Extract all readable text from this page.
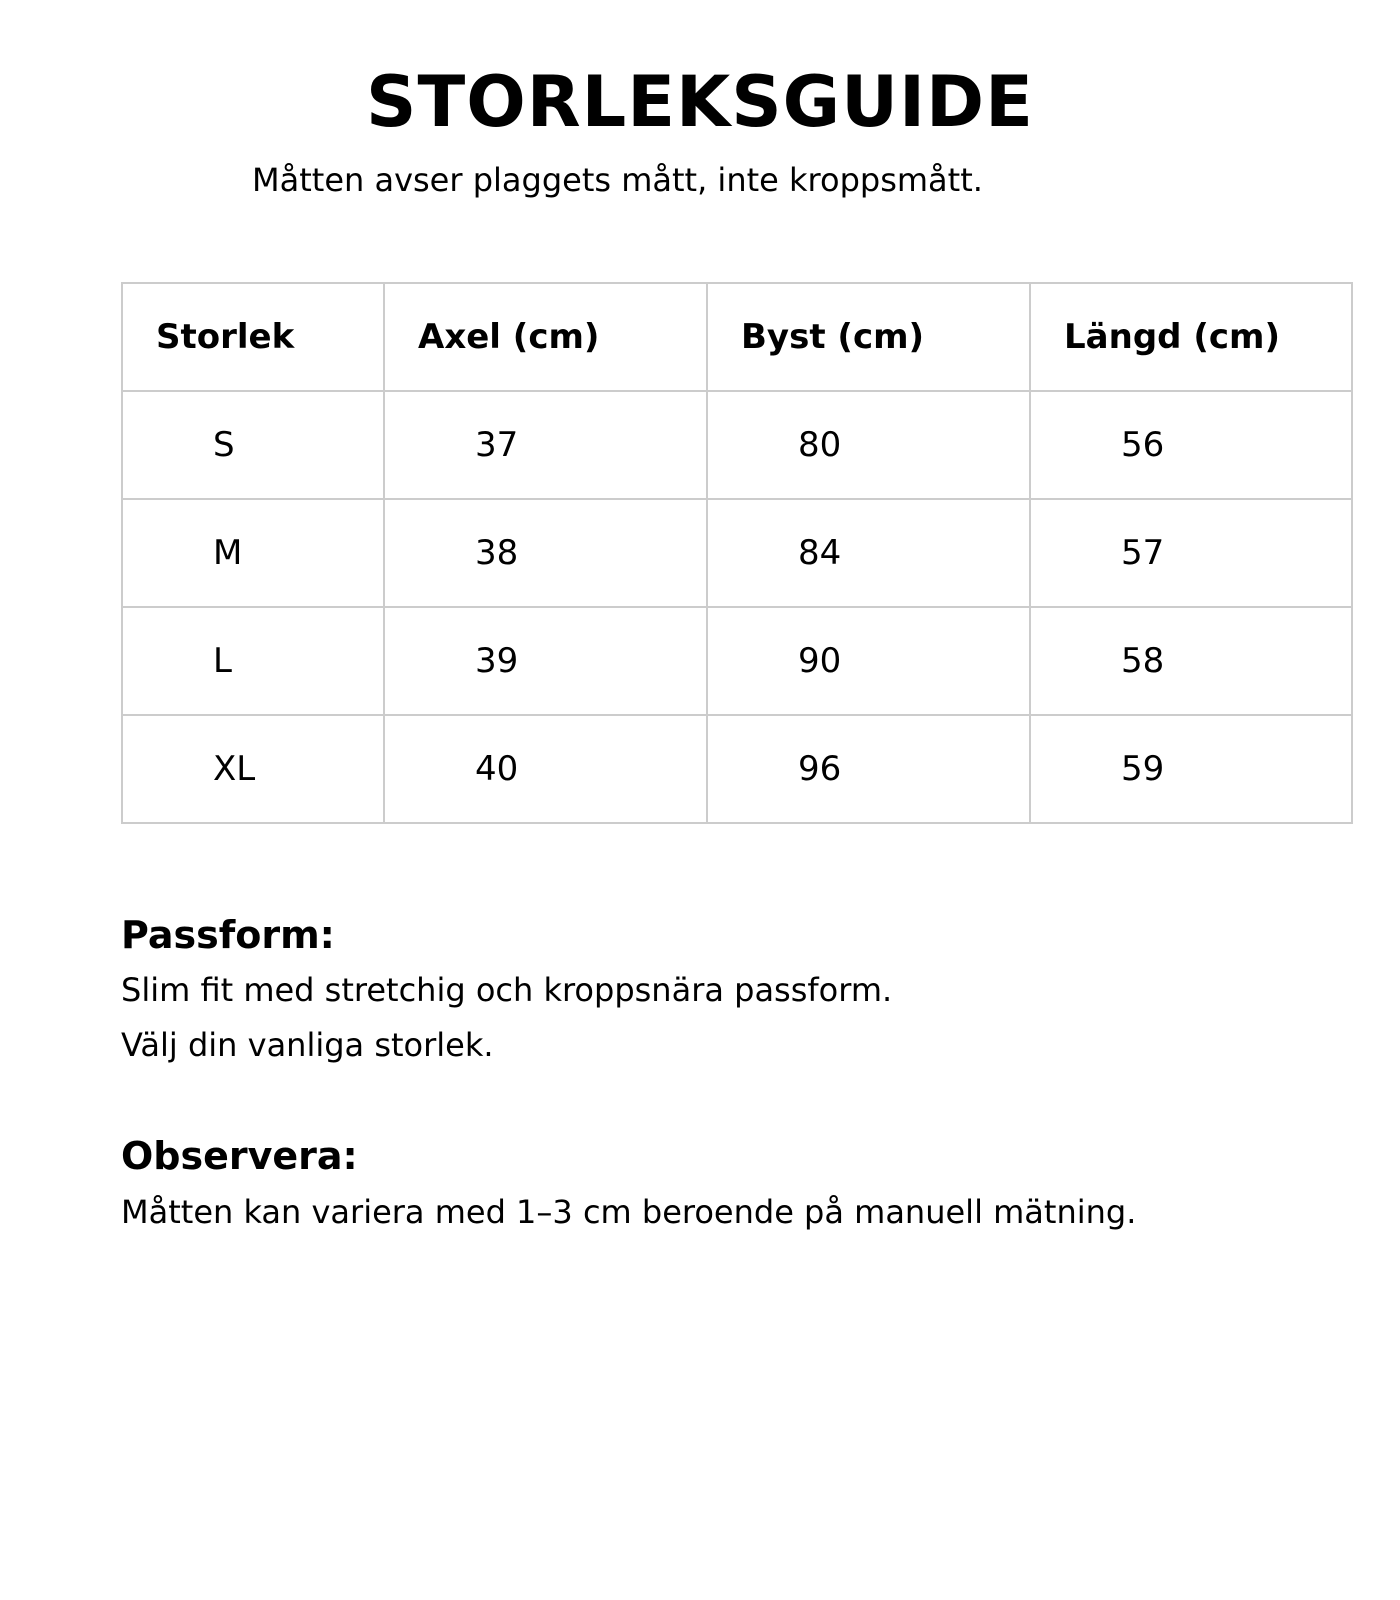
STORLEKSGUIDE

Måtten avser plaggets mått, inte kroppsmått.

Storlek	Axel (cm)	Byst (cm)	Längd (cm)
S	37	80	56
M	38	84	57
L	39	90	58
XL	40	96	59
Passform:

Slim fit med stretchig och kroppsnära passform.

Välj din vanliga storlek.

Observera:

Måtten kan variera med 1–3 cm beroende på manuell mätning.
